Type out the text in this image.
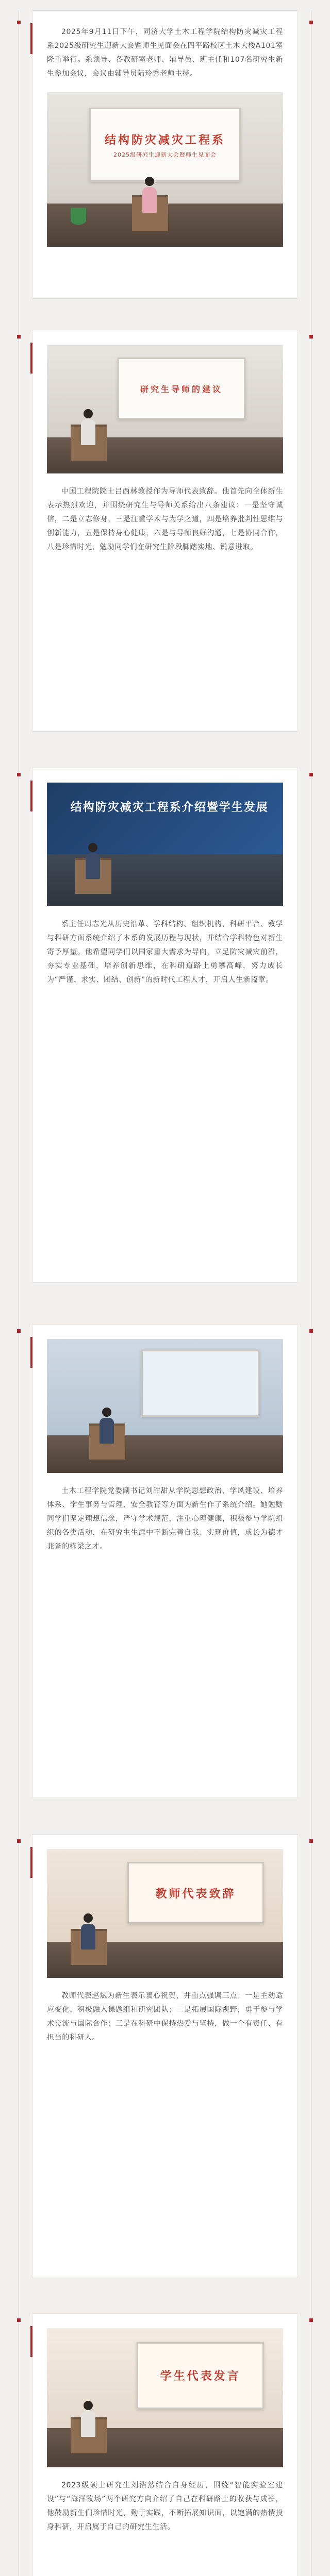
2025年9月11日下午，同济大学土木工程学院结构防灾减灾工程系2025级研究生迎新大会暨师生见面会在四平路校区土木大楼A101室隆重举行。系领导、各教研室老师、辅导员、班主任和107名研究生新生参加会议，会议由辅导员陆玲秀老师主持。

结构防灾减灾工程系
2025级研究生迎新大会暨师生见面会
研究生导师的建议

中国工程院院士吕西林教授作为导师代表致辞。他首先向全体新生表示热烈欢迎，并围绕研究生与导师关系给出八条建议：一是坚守诚信，二是立志修身，三是注重学术与为学之道，四是培养批判性思维与创新能力，五是保持身心健康，六是与导师良好沟通，七是协同合作，八是珍惜时光，勉励同学们在研究生阶段脚踏实地、锐意进取。

结构防灾减灾工程系介绍暨学生发展

系主任周志光从历史沿革、学科结构、组织机构、科研平台、教学与科研方面系统介绍了本系的发展历程与现状，并结合学科特色对新生寄予厚望。他希望同学们以国家重大需求为导向，立足防灾减灾前沿，夯实专业基础，培养创新思维，在科研道路上勇攀高峰，努力成长为“严谨、求实、团结、创新”的新时代工程人才，开启人生新篇章。

土木工程学院党委副书记刘甜甜从学院思想政治、学风建设、培养体系、学生事务与管理、安全教育等方面为新生作了系统介绍。她勉励同学们坚定理想信念，严守学术规范，注重心理健康，积极参与学院组织的各类活动，在研究生生涯中不断完善自我、实现价值，成长为德才兼备的栋梁之才。

教师代表致辞

教师代表赵斌为新生表示衷心祝贺，并重点强调三点：一是主动适应变化，积极融入课题组和研究团队；二是拓展国际视野，勇于参与学术交流与国际合作；三是在科研中保持热爱与坚持，做一个有责任、有担当的科研人。

学生代表发言

2023级硕士研究生刘浩然结合自身经历，围绕“智能实验室建设”与“海洋牧场”两个研究方向介绍了自己在科研路上的收获与成长，他鼓励新生们珍惜时光，勤于实践，不断拓展知识面，以饱满的热情投身科研，开启属于自己的研究生生活。
